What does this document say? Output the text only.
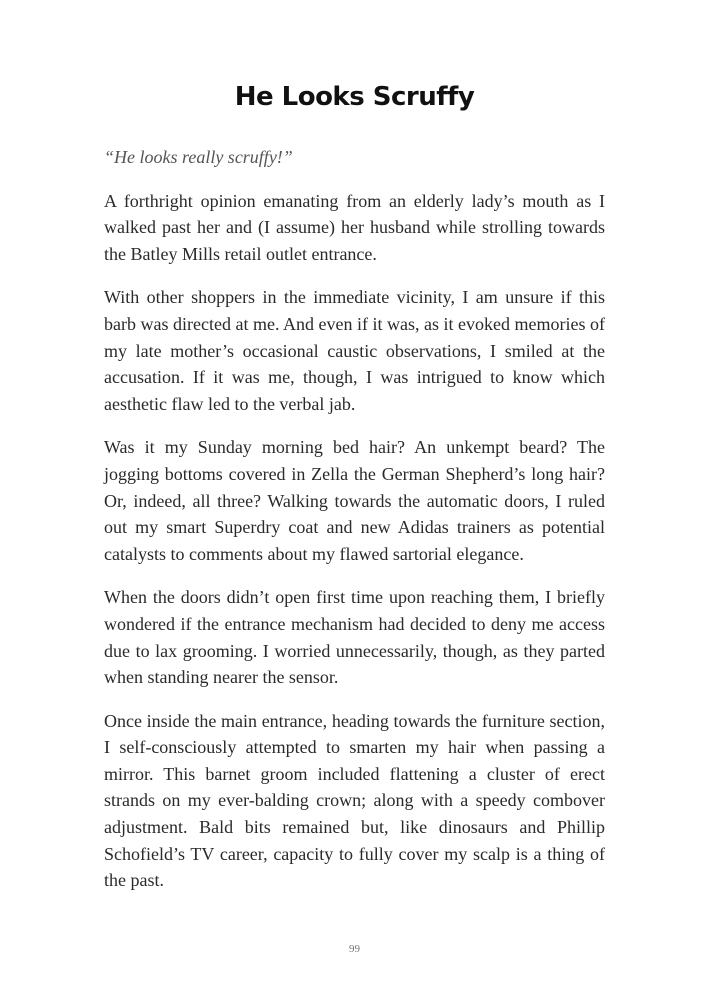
He Looks Scruffy

“He looks really scruffy!”

A forthright opinion emanating from an elderly lady’s mouth as I walked past her and (I assume) her husband while strolling towards the Batley Mills retail outlet entrance.

With other shoppers in the immediate vicinity, I am unsure if this barb was directed at me. And even if it was, as it evoked memories of my late mother’s occasional caustic observations, I smiled at the accusation. If it was me, though, I was intrigued to know which aesthetic flaw led to the verbal jab.

Was it my Sunday morning bed hair? An unkempt beard? The jogging bottoms covered in Zella the German Shepherd’s long hair? Or, indeed, all three? Walking towards the automatic doors, I ruled out my smart Superdry coat and new Adidas trainers as potential catalysts to comments about my flawed sartorial elegance.

When the doors didn’t open first time upon reaching them, I briefly wondered if the entrance mechanism had decided to deny me access due to lax grooming. I worried unnecessarily, though, as they parted when standing nearer the sensor.

Once inside the main entrance, heading towards the furniture section, I self-consciously attempted to smarten my hair when passing a mirror. This barnet groom included flattening a cluster of erect strands on my ever-balding crown; along with a speedy combover adjustment. Bald bits remained but, like dinosaurs and Phillip Schofield’s TV career, capacity to fully cover my scalp is a thing of the past.

99
